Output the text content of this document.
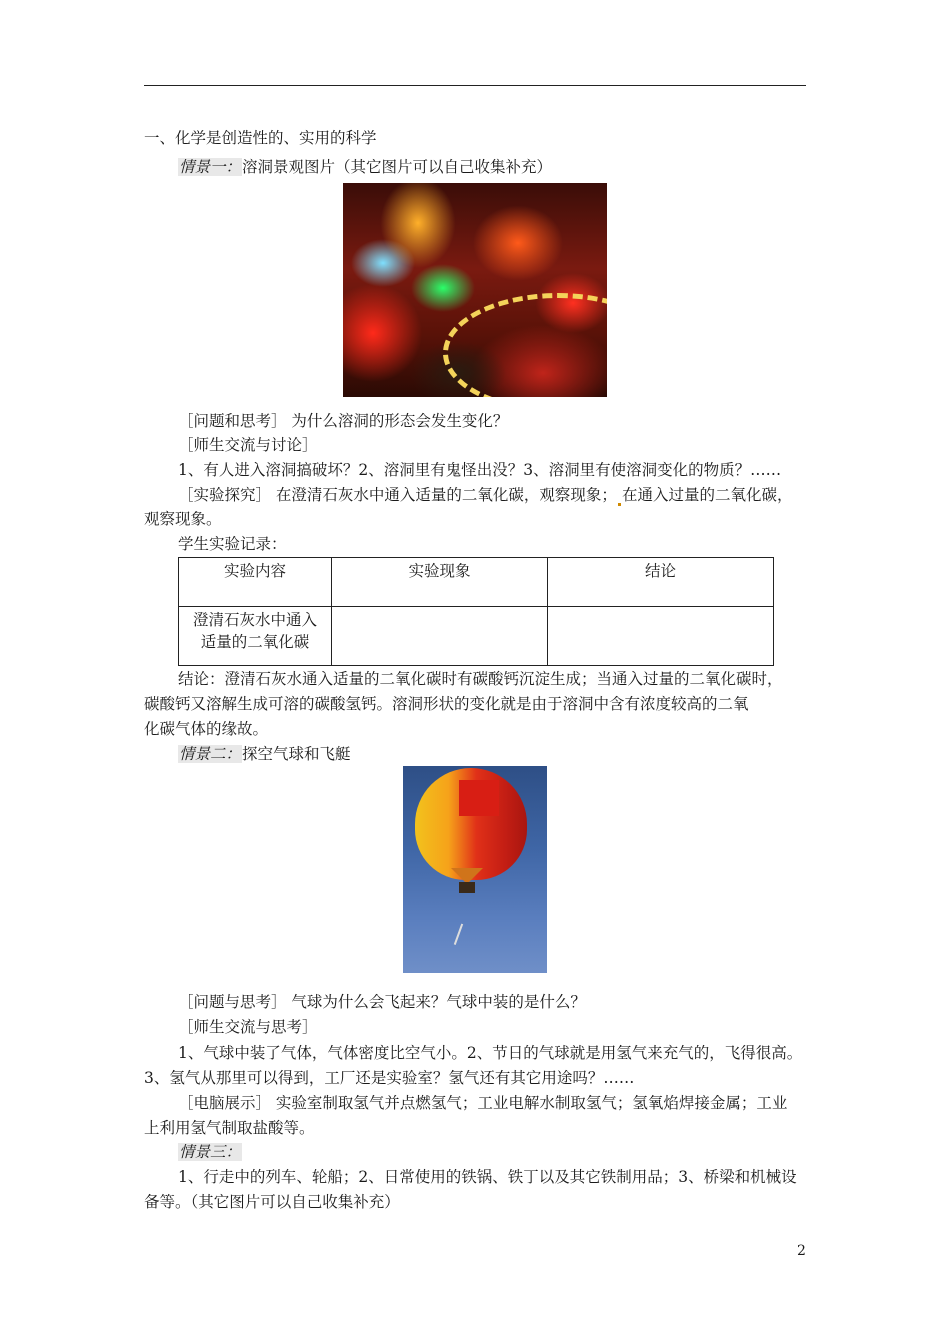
一、化学是创造性的、实用的科学
情景一：溶洞景观图片（其它图片可以自己收集补充）
［问题和思考］ 为什么溶洞的形态会发生变化？
［师生交流与讨论］
1、有人进入溶洞搞破坏？2、溶洞里有鬼怪出没？3、溶洞里有使溶洞变化的物质？……
［实验探究］ 在澄清石灰水中通入适量的二氧化碳，观察现象； 在通入过量的二氧化碳，
观察现象。
学生实验记录：
实验内容	实验现象	结论

澄清石灰水中通入
适量的二氧化碳		

结论：澄清石灰水通入适量的二氧化碳时有碳酸钙沉淀生成；当通入过量的二氧化碳时，
碳酸钙又溶解生成可溶的碳酸氢钙。溶洞形状的变化就是由于溶洞中含有浓度较高的二氧
化碳气体的缘故。
情景二：探空气球和飞艇
［问题与思考］ 气球为什么会飞起来？气球中装的是什么？
［师生交流与思考］
1、气球中装了气体，气体密度比空气小。2、节日的气球就是用氢气来充气的，飞得很高。
3、氢气从那里可以得到，工厂还是实验室？氢气还有其它用途吗？……
［电脑展示］ 实验室制取氢气并点燃氢气；工业电解水制取氢气；氢氧焰焊接金属；工业
上利用氢气制取盐酸等。
情景三：
1、行走中的列车、轮船；2、日常使用的铁锅、铁丁以及其它铁制用品；3、桥梁和机械设
备等。（其它图片可以自己收集补充）
2
